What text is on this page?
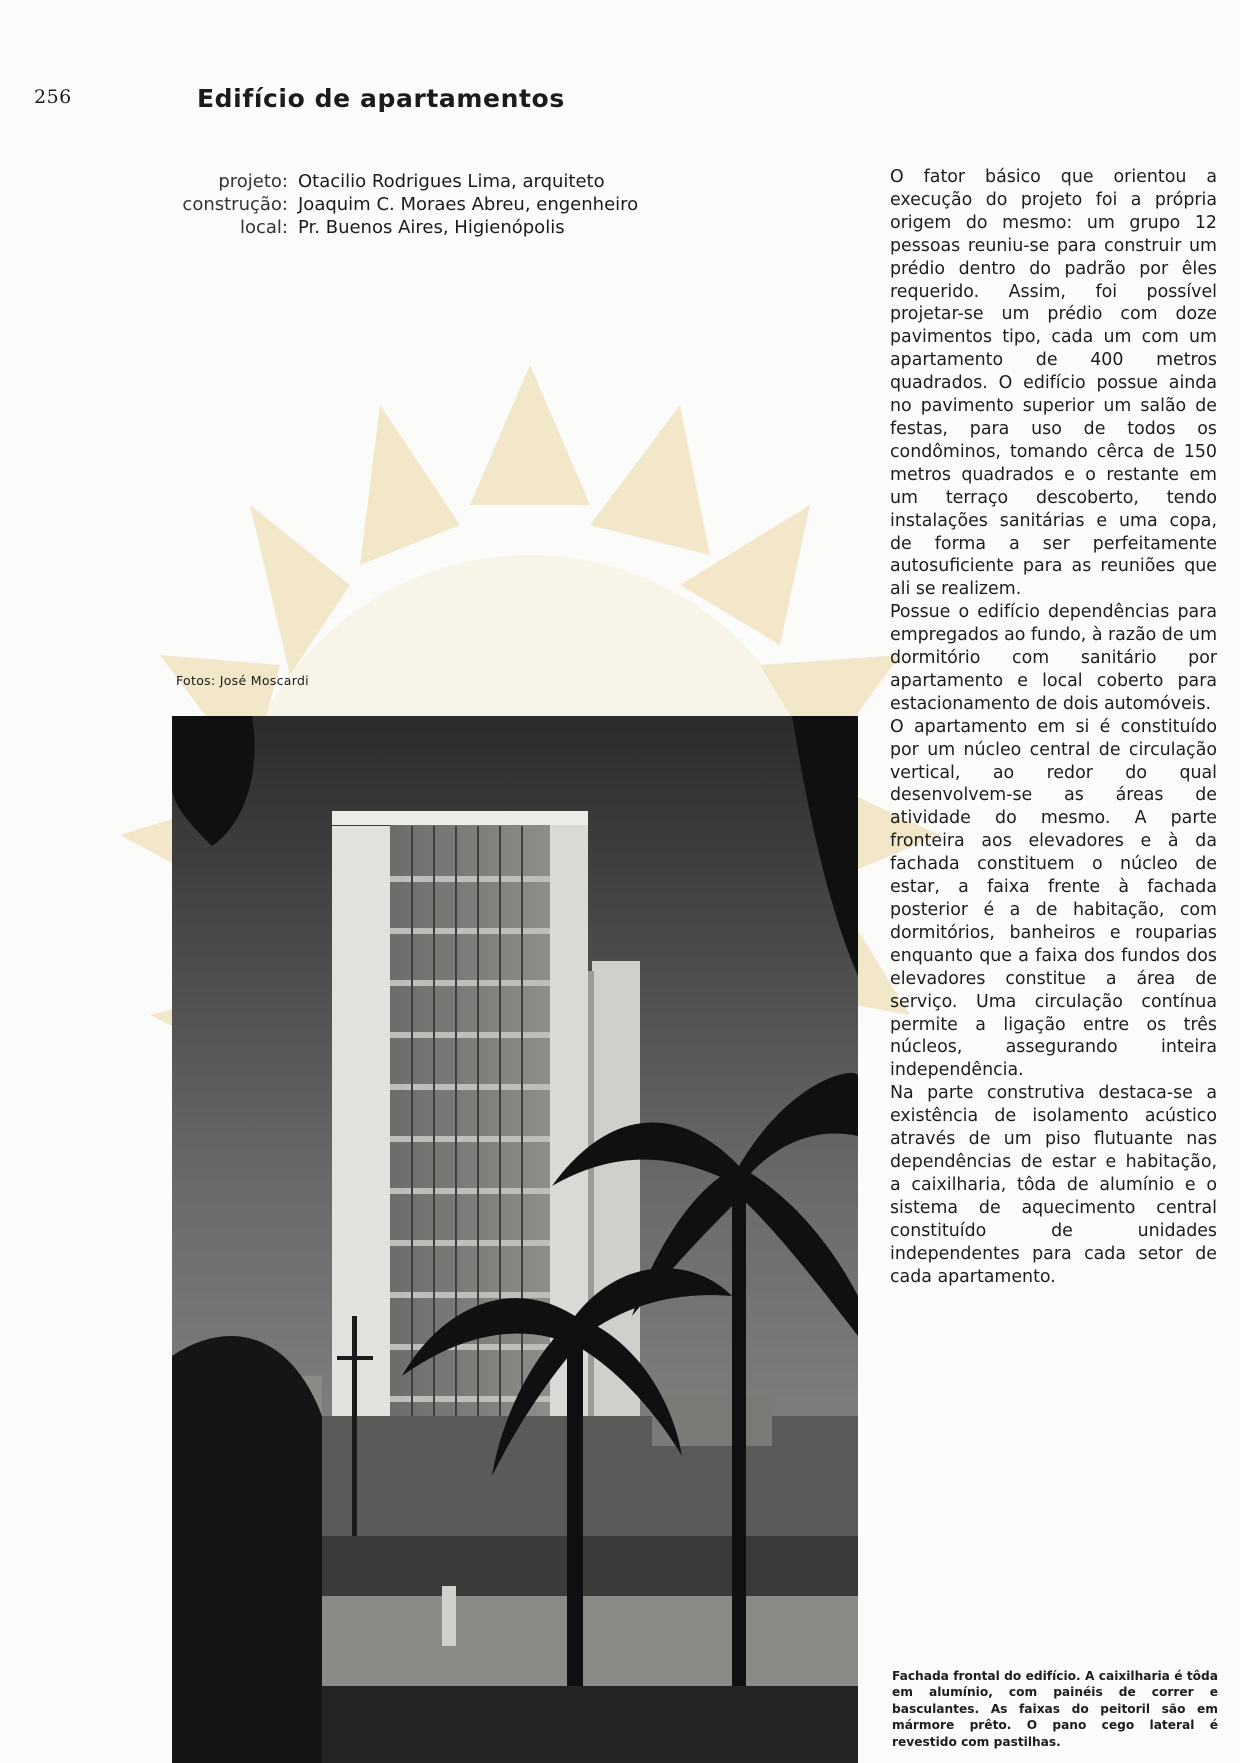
256	Edifício de apartamentos
projeto: Otacilio Rodrigues Lima, arquiteto
construção: Joaquim C. Moraes Abreu, engenheiro
local: Pr. Buenos Aires, Higienópolis
Fotos: José Moscardi

O fator básico que orientou a execução do projeto foi a própria origem do mesmo: um grupo 12 pessoas reuniu-se para construir um prédio dentro do padrão por êles requerido. Assim, foi possível projetar-se um prédio com doze pavimentos tipo, cada um com um apartamento de 400 metros quadrados. O edifício possue ainda no pavimento superior um salão de festas, para uso de todos os condôminos, tomando cêrca de 150 metros quadrados e o restante em um terraço descoberto, tendo instalações sanitárias e uma copa, de forma a ser perfeitamente autosuficiente para as reuniões que ali se realizem.

Possue o edifício dependências para empregados ao fundo, à razão de um dormitório com sanitário por apartamento e local coberto para estacionamento de dois automóveis.

O apartamento em si é constituído por um núcleo central de circulação vertical, ao redor do qual desenvolvem-se as áreas de atividade do mesmo. A parte fronteira aos elevadores e à da fachada constituem o núcleo de estar, a faixa frente à fachada posterior é a de habitação, com dormitórios, banheiros e rouparias enquanto que a faixa dos fundos dos elevadores constitue a área de serviço. Uma circulação contínua permite a ligação entre os três núcleos, assegurando inteira independência.

Na parte construtiva destaca-se a existência de isolamento acústico através de um piso flutuante nas dependências de estar e habitação, a caixilharia, tôda de alumínio e o sistema de aquecimento central constituído de unidades independentes para cada setor de cada apartamento.

Fachada frontal do edifício. A caixilharia é tôda em alumínio, com painéis de correr e basculantes. As faixas do peitoril são em mármore prêto. O pano cego lateral é revestido com pastilhas.
